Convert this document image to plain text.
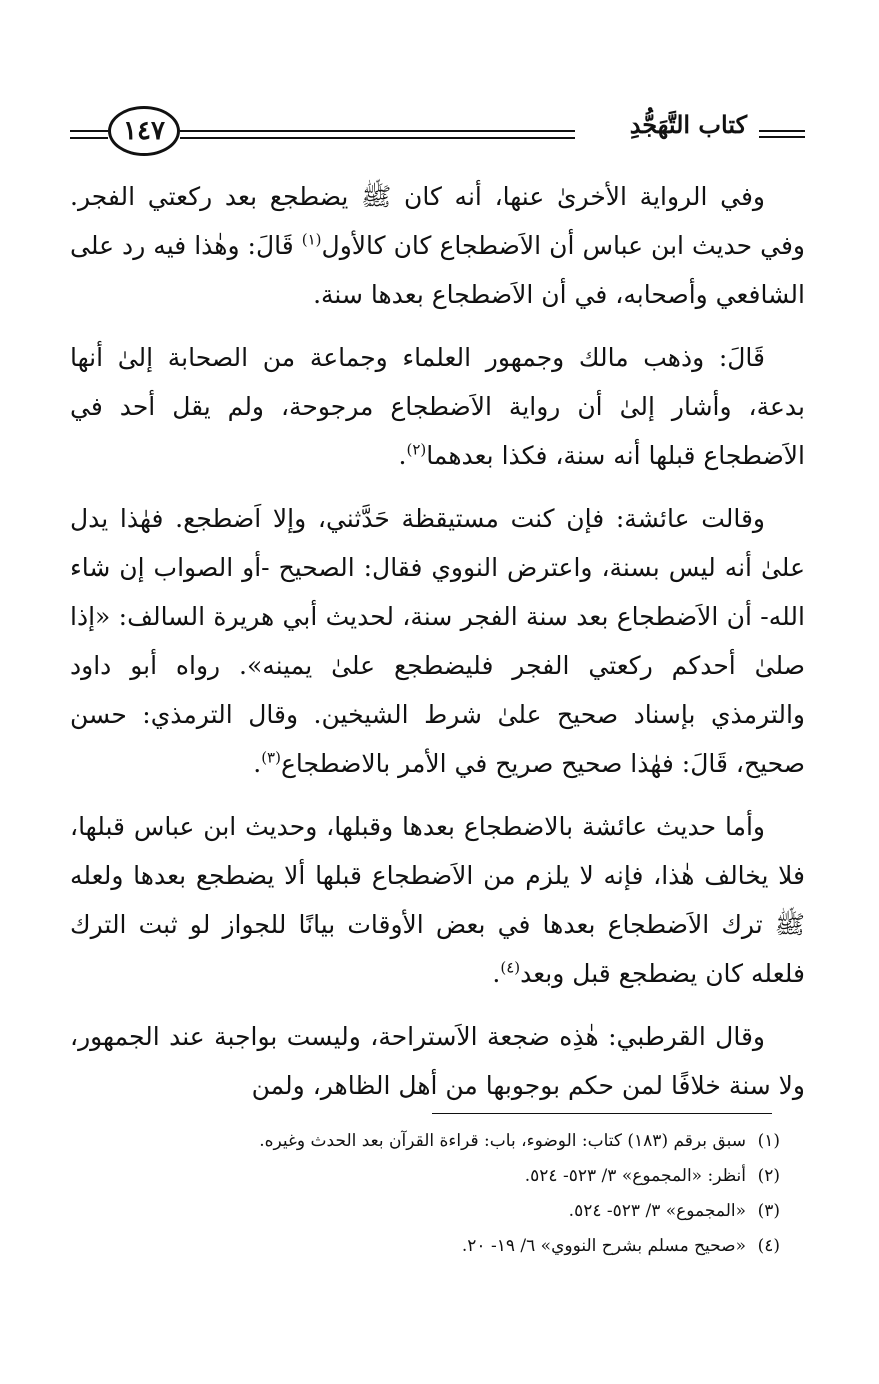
كتاب التَّهَجُّدِ
١٤٧

وفي الرواية الأخرىٰ عنها، أنه كان ﷺ يضطجع بعد ركعتي الفجر. وفي حديث ابن عباس أن الاَضطجاع كان كالأول$^{(١)}$ قَالَ: وهٰذا فيه رد على الشافعي وأصحابه، في أن الاَضطجاع بعدها سنة.

قَالَ: وذهب مالك وجمهور العلماء وجماعة من الصحابة إلىٰ أنها بدعة، وأشار إلىٰ أن رواية الاَضطجاع مرجوحة، ولم يقل أحد في الاَضطجاع قبلها أنه سنة، فكذا بعدهما$^{(٢)}$.

وقالت عائشة: فإن كنت مستيقظة حَدَّثني، وإلا اَضطجع. فهٰذا يدل علىٰ أنه ليس بسنة، واعترض النووي فقال: الصحيح -أو الصواب إن شاء الله- أن الاَضطجاع بعد سنة الفجر سنة، لحديث أبي هريرة السالف: «إذا صلىٰ أحدكم ركعتي الفجر فليضطجع علىٰ يمينه». رواه أبو داود والترمذي بإسناد صحيح علىٰ شرط الشيخين. وقال الترمذي: حسن صحيح، قَالَ: فهٰذا صحيح صريح في الأمر بالاضطجاع$^{(٣)}$.

وأما حديث عائشة بالاضطجاع بعدها وقبلها، وحديث ابن عباس قبلها، فلا يخالف هٰذا، فإنه لا يلزم من الاَضطجاع قبلها ألا يضطجع بعدها ولعله ﷺ ترك الاَضطجاع بعدها في بعض الأوقات بيانًا للجواز لو ثبت الترك فلعله كان يضطجع قبل وبعد$^{(٤)}$.

وقال القرطبي: هٰذِه ضجعة الاَستراحة، وليست بواجبة عند الجمهور، ولا سنة خلافًا لمن حكم بوجوبها من أهل الظاهر، ولمن

(١)سبق برقم (١٨٣) كتاب: الوضوء، باب: قراءة القرآن بعد الحدث وغيره.

(٢)أنظر: «المجموع» ٣/ ٥٢٣- ٥٢٤.

(٣)«المجموع» ٣/ ٥٢٣- ٥٢٤.

(٤)«صحيح مسلم بشرح النووي» ٦/ ١٩- ٢٠.
